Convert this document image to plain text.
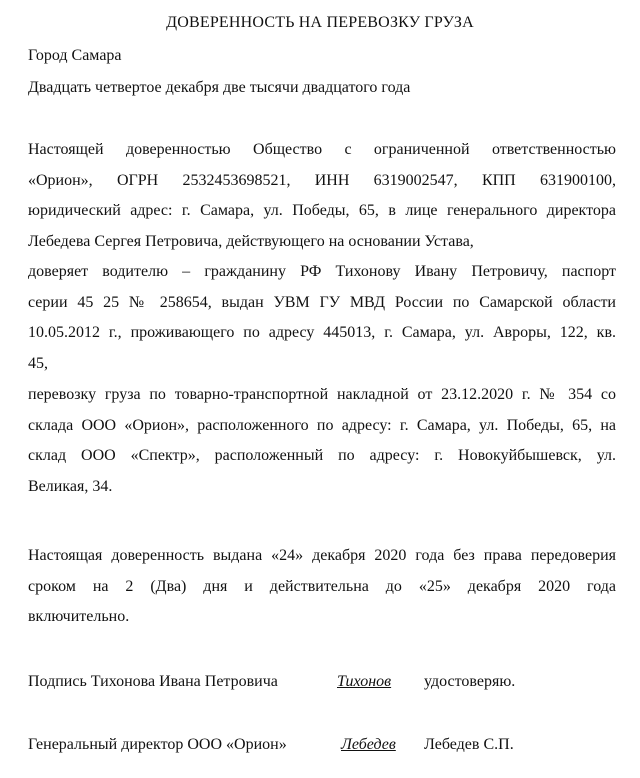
ДОВЕРЕННОСТЬ НА ПЕРЕВОЗКУ ГРУЗА
Город Самара
Двадцать четвертое декабря две тысячи двадцатого года
Настоящей доверенностью Общество с ограниченной ответственностью
«Орион», ОГРН 2532453698521, ИНН 6319002547, КПП 631900100,
юридический адрес: г. Самара, ул. Победы, 65, в лице генерального директора
Лебедева Сергея Петровича, действующего на основании Устава,
доверяет водителю – гражданину РФ Тихонову Ивану Петровичу, паспорт
серии 45 25 № 258654, выдан УВМ ГУ МВД России по Самарской области
10.05.2012 г., проживающего по адресу 445013, г. Самара, ул. Авроры, 122, кв.
45,
перевозку груза по товарно-транспортной накладной от 23.12.2020 г. № 354 со
склада ООО «Орион», расположенного по адресу: г. Самара, ул. Победы, 65, на
склад ООО «Спектр», расположенный по адресу: г. Новокуйбышевск, ул.
Великая, 34.
Настоящая доверенность выдана «24» декабря 2020 года без права передоверия
сроком на 2 (Два) дня и действительна до «25» декабря 2020 года
включительно.
Подпись Тихонова Ивана Петровича	Тихонов удостоверяю.
Генеральный директор ООО «Орион»	Лебедев Лебедев С.П.
